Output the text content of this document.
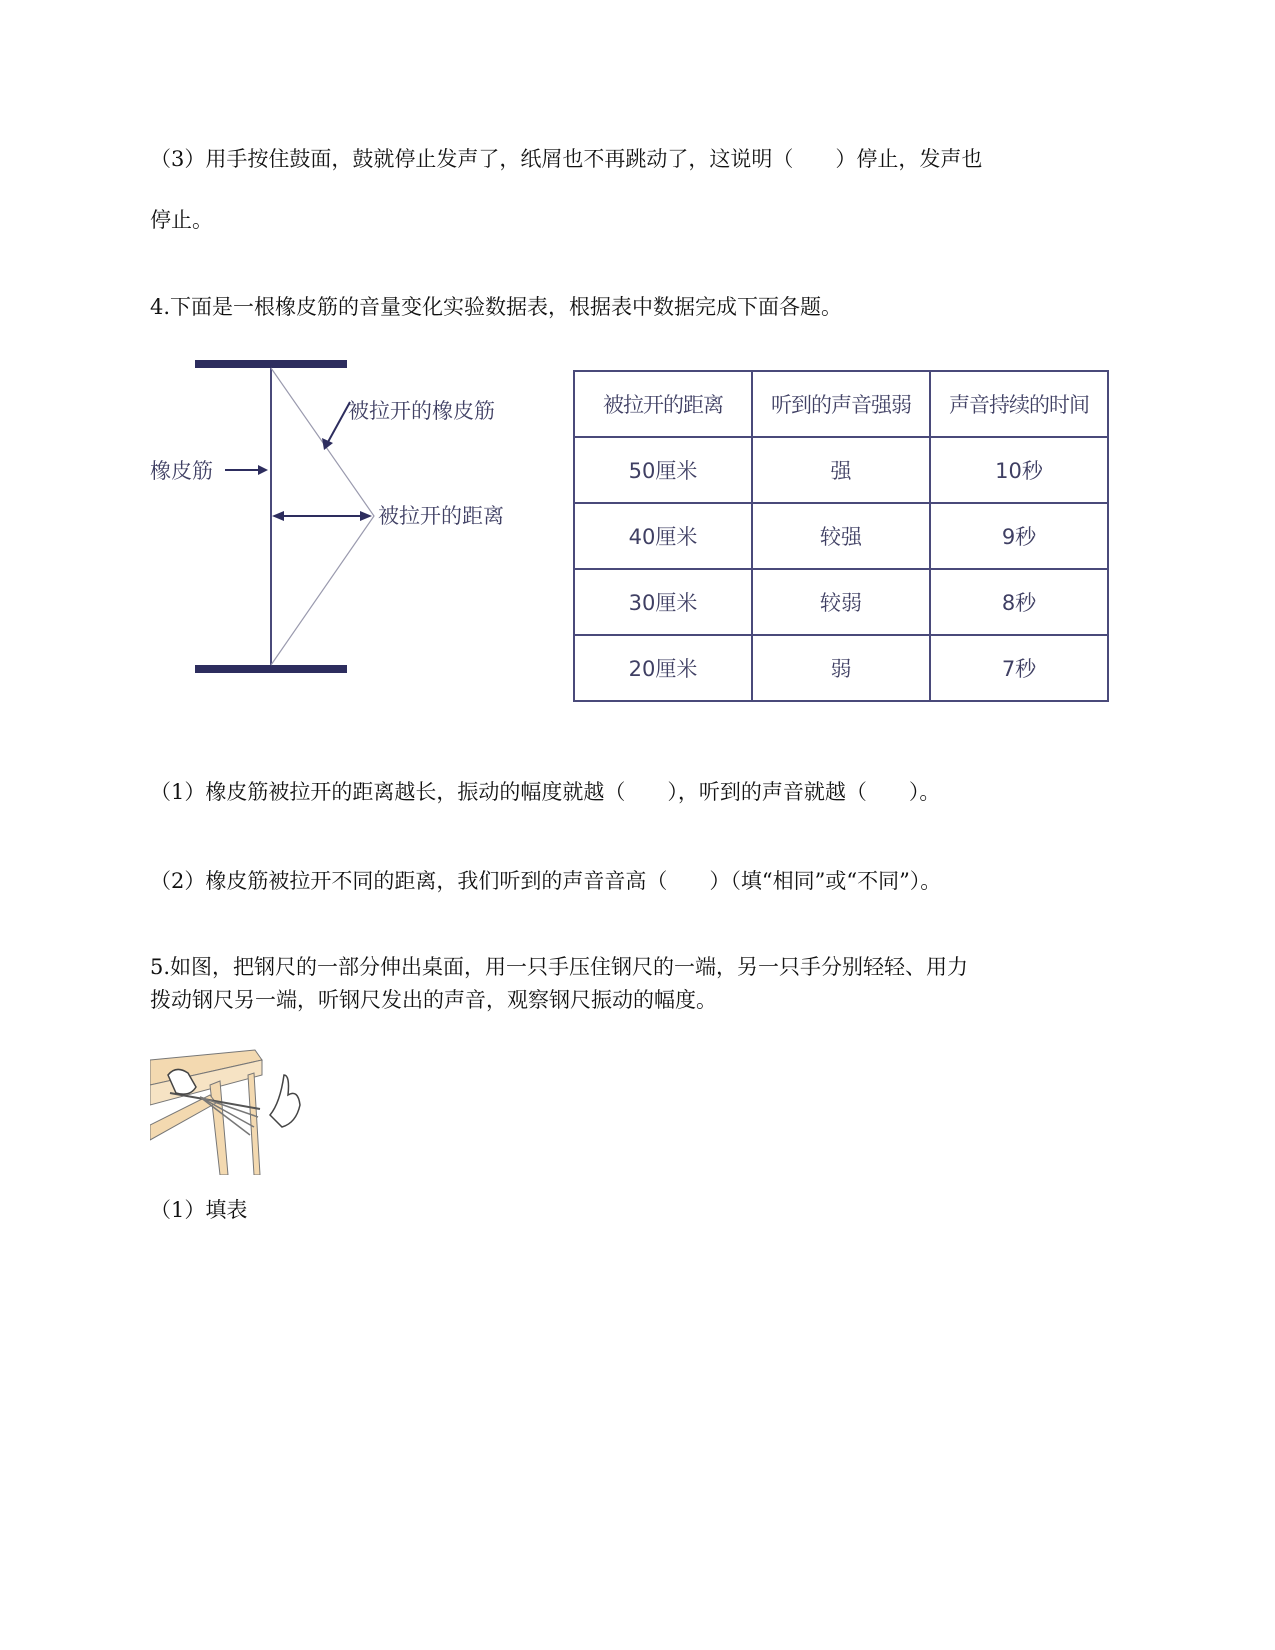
（3）用手按住鼓面，鼓就停止发声了，纸屑也不再跳动了，这说明（　　）停止，发声也

停止。

4.下面是一根橡皮筋的音量变化实验数据表，根据表中数据完成下面各题。

橡皮筋
被拉开的橡皮筋
被拉开的距离
被拉开的距离	听到的声音强弱	声音持续的时间
50厘米	强	10秒
40厘米	较强	9秒
30厘米	较弱	8秒
20厘米	弱	7秒

（1）橡皮筋被拉开的距离越长，振动的幅度就越（　　），听到的声音就越（　　）。

（2）橡皮筋被拉开不同的距离，我们听到的声音音高（　　）（填“相同”或“不同”）。

5.如图，把钢尺的一部分伸出桌面，用一只手压住钢尺的一端，另一只手分别轻轻、用力

拨动钢尺另一端，听钢尺发出的声音，观察钢尺振动的幅度。

（1）填表
